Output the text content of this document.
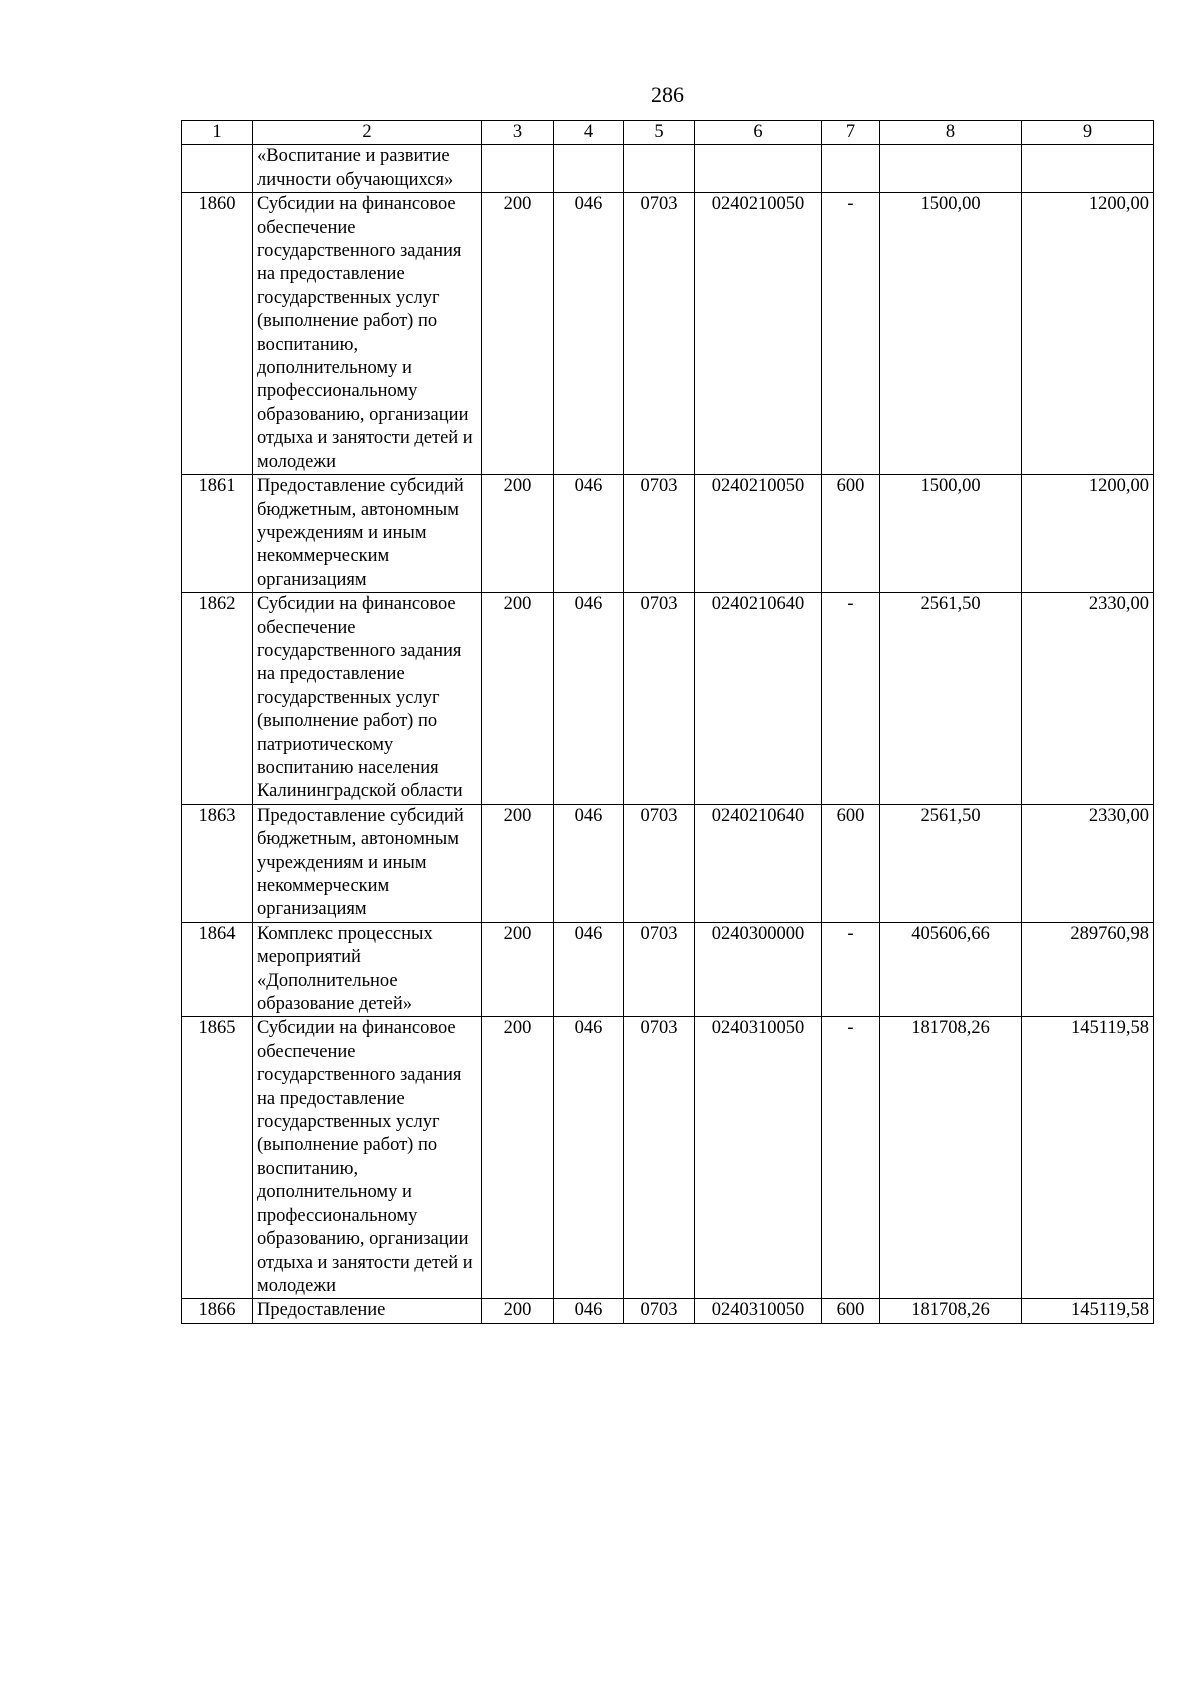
286
1	2	3	4	5	6	7	8	9
	«Воспитание и развитие личности обучающихся»							
1860	Субсидии на финансовое обеспечение государственного задания на предоставление государственных услуг (выполнение работ) по воспитанию, дополнительному и профессиональному образованию, организации отдыха и занятости детей и молодежи	200	046	0703	0240210050	-	1500,00	1200,00
1861	Предоставление субсидий бюджетным, автономным учреждениям и иным некоммерческим организациям	200	046	0703	0240210050	600	1500,00	1200,00
1862	Субсидии на финансовое обеспечение государственного задания на предоставление государственных услуг (выполнение работ) по патриотическому воспитанию населения Калининградской области	200	046	0703	0240210640	-	2561,50	2330,00
1863	Предоставление субсидий бюджетным, автономным учреждениям и иным некоммерческим организациям	200	046	0703	0240210640	600	2561,50	2330,00
1864	Комплекс процессных мероприятий «Дополнительное образование детей»	200	046	0703	0240300000	-	405606,66	289760,98
1865	Субсидии на финансовое обеспечение государственного задания на предоставление государственных услуг (выполнение работ) по воспитанию, дополнительному и профессиональному образованию, организации отдыха и занятости детей и молодежи	200	046	0703	0240310050	-	181708,26	145119,58
1866	Предоставление	200	046	0703	0240310050	600	181708,26	145119,58
